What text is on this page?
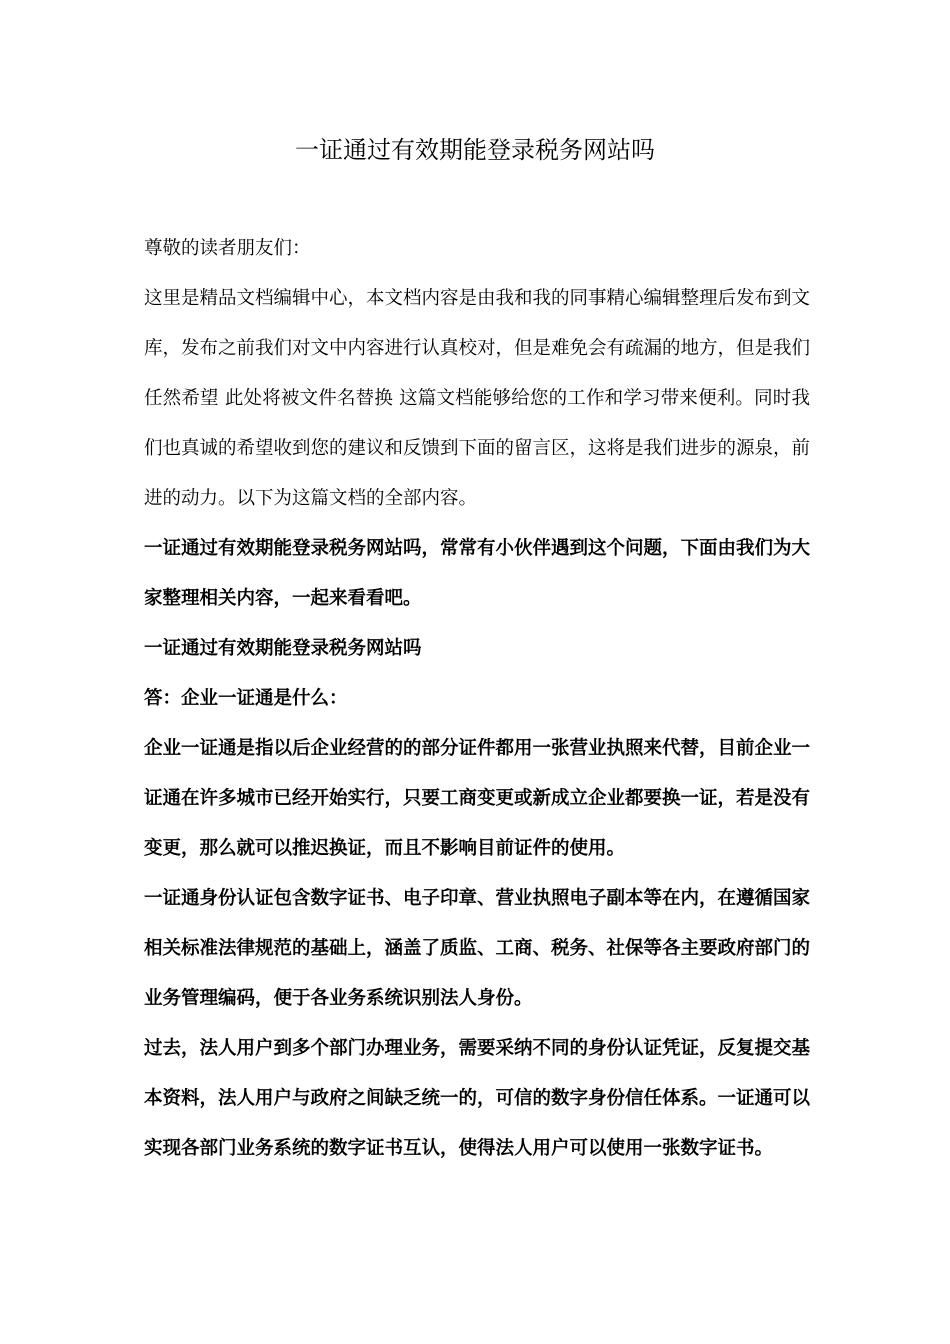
一证通过有效期能登录税务网站吗

尊敬的读者朋友们：

这里是精品文档编辑中心，本文档内容是由我和我的同事精心编辑整理后发布到文库，发布之前我们对文中内容进行认真校对，但是难免会有疏漏的地方，但是我们任然希望 此处将被文件名替换 这篇文档能够给您的工作和学习带来便利。同时我们也真诚的希望收到您的建议和反馈到下面的留言区，这将是我们进步的源泉，前进的动力。以下为这篇文档的全部内容。

一证通过有效期能登录税务网站吗，常常有小伙伴遇到这个问题，下面由我们为大家整理相关内容，一起来看看吧。

一证通过有效期能登录税务网站吗

答：企业一证通是什么：

企业一证通是指以后企业经营的的部分证件都用一张营业执照来代替，目前企业一证通在许多城市已经开始实行，只要工商变更或新成立企业都要换一证，若是没有变更，那么就可以推迟换证，而且不影响目前证件的使用。

一证通身份认证包含数字证书、电子印章、营业执照电子副本等在内，在遵循国家相关标准法律规范的基础上，涵盖了质监、工商、税务、社保等各主要政府部门的业务管理编码，便于各业务系统识别法人身份。

过去，法人用户到多个部门办理业务，需要采纳不同的身份认证凭证，反复提交基本资料，法人用户与政府之间缺乏统一的，可信的数字身份信任体系。一证通可以实现各部门业务系统的数字证书互认，使得法人用户可以使用一张数字证书。
